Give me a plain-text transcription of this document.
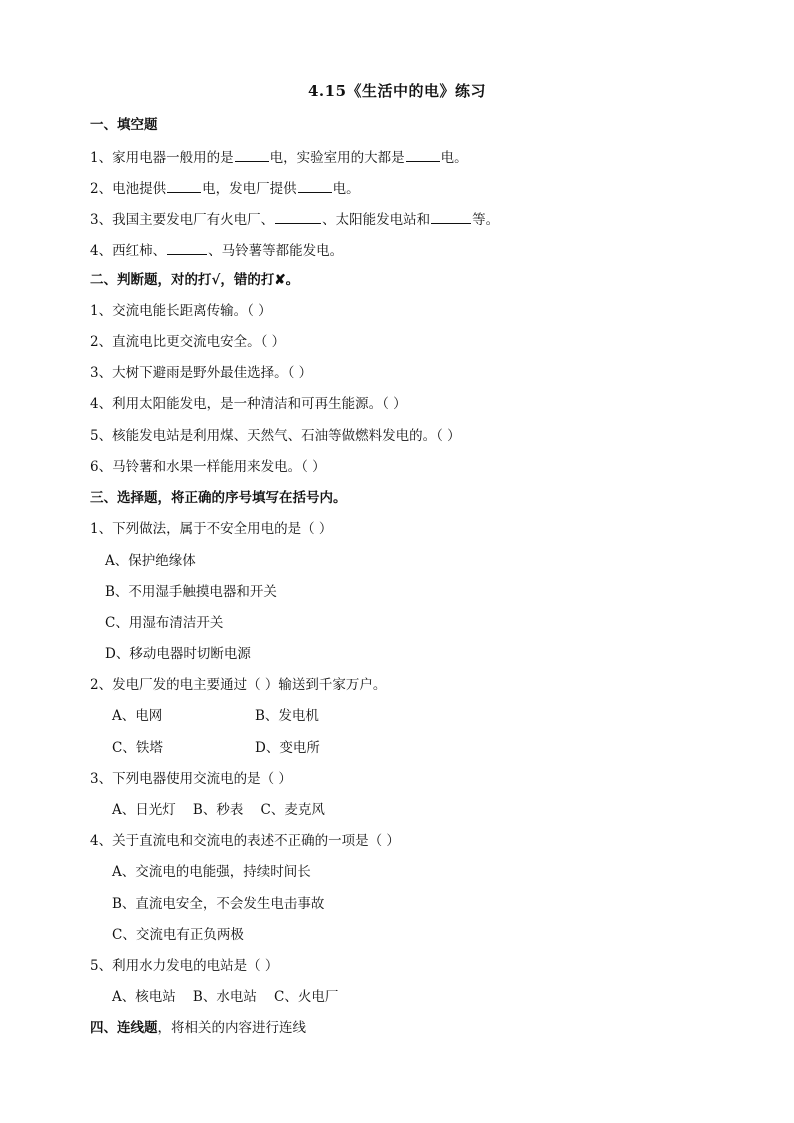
4.15《生活中的电》练习
一、填空题
1、家用电器一般用的是	电，实验室用的大都是	电。
2、电池提供	电，发电厂提供	电。
3、我国主要发电厂有火电厂、	、太阳能发电站和	等。
4、西红柿、	、马铃薯等都能发电。
二、判断题，对的打√，错的打✘。
1、交流电能长距离传输。（ ）
2、直流电比更交流电安全。（ ）
3、大树下避雨是野外最佳选择。（ ）
4、利用太阳能发电，是一种清洁和可再生能源。（ ）
5、核能发电站是利用煤、天然气、石油等做燃料发电的。（ ）
6、马铃薯和水果一样能用来发电。（ ）
三、选择题，将正确的序号填写在括号内。
1、下列做法，属于不安全用电的是（ ）
A、保护绝缘体
B、不用湿手触摸电器和开关
C、用湿布清洁开关
D、移动电器时切断电源
2、发电厂发的电主要通过（ ）输送到千家万户。
A、电网	B、发电机
C、铁塔	D、变电所
3、下列电器使用交流电的是（ ）
A、日光灯    B、秒表    C、麦克风
4、关于直流电和交流电的表述不正确的一项是（ ）
A、交流电的电能强，持续时间长
B、直流电安全，不会发生电击事故
C、交流电有正负两极
5、利用水力发电的电站是（ ）
A、核电站    B、水电站    C、火电厂
四、连线题，将相关的内容进行连线
